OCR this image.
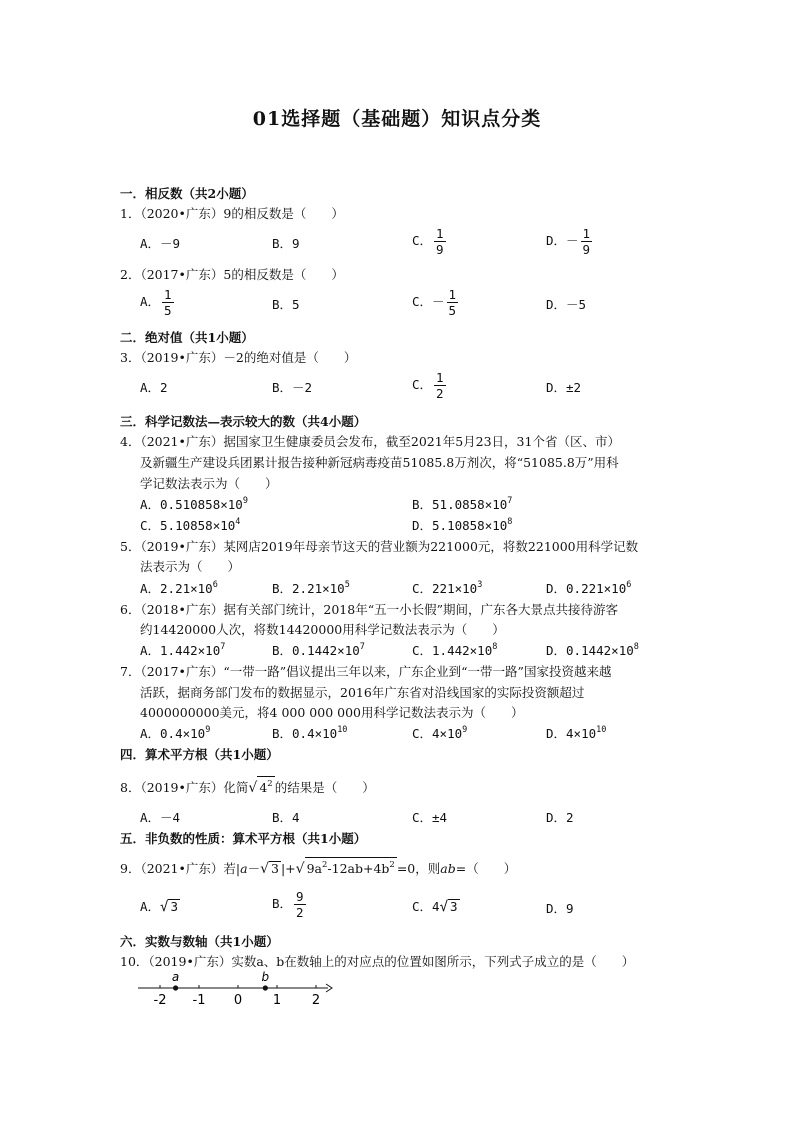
01选择题（基础题）知识点分类
一．相反数（共2小题）
1．（2020•广东）9的相反数是（　　）
A．－9	B．9	C． $\frac{1}{9}$	D．－ $\frac{1}{9}$
2．（2017•广东）5的相反数是（　　）
A． $\frac{1}{5}$	B．5	C．－ $\frac{1}{5}$	D．－5
二．绝对值（共1小题）
3．（2019•广东）－2的绝对值是（　　）
A．2	B．－2	C． $\frac{1}{2}$	D．±2
三．科学记数法—表示较大的数（共4小题）
4．（2021•广东）据国家卫生健康委员会发布，截至2021年5月23日，31个省（区、市）
及新疆生产建设兵团累计报告接种新冠病毒疫苗51085.8万剂次，将“51085.8万”用科
学记数法表示为（　　）
A．$0.510858\times 10^9$	B．$51.0858\times 10^7$
C．$5.10858\times 10^4$	D．$5.10858\times 10^8$
5．（2019•广东）某网店2019年母亲节这天的营业额为221000元，将数221000用科学记数
法表示为（　　）
A．$2.21\times 10^6$	B．$2.21\times 10^5$	C．$221\times 10^3$	D．$0.221\times 10^6$
6．（2018•广东）据有关部门统计，2018年“五一小长假”期间，广东各大景点共接待游客
约14420000人次，将数14420000用科学记数法表示为（　　）
A．$1.442\times 10^7$	B．$0.1442\times 10^7$	C．$1.442\times 10^8$	D．$0.1442\times 10^8$
7．（2017•广东）“一带一路”倡议提出三年以来，广东企业到“一带一路”国家投资越来越
活跃，据商务部门发布的数据显示，2016年广东省对沿线国家的实际投资额超过
4000000000美元，将4 000 000 000用科学记数法表示为（　　）
A．$0.4\times 10^9$	B．$0.4\times 10^{10}$	C．$4\times 10^9$	D．$4\times 10^{10}$
四．算术平方根（共1小题）
8．（2019•广东）化简√ $4^2$ 的结果是（　　）
A．－4	B．4	C．±4	D．2
五．非负数的性质：算术平方根（共1小题）
9．（2021•广东）若|a－√ 3 |+√ $9a^2-12ab+4b^2 =0$，则ab=（　　）
A．√ 3	B． $\frac{9}{2}$	C．4√ 3	D．9
六．实数与数轴（共1小题）
10．（2019•广东）实数a、b在数轴上的对应点的位置如图所示，下列式子成立的是（　　）
-2 -1 0 1 2
a	b
